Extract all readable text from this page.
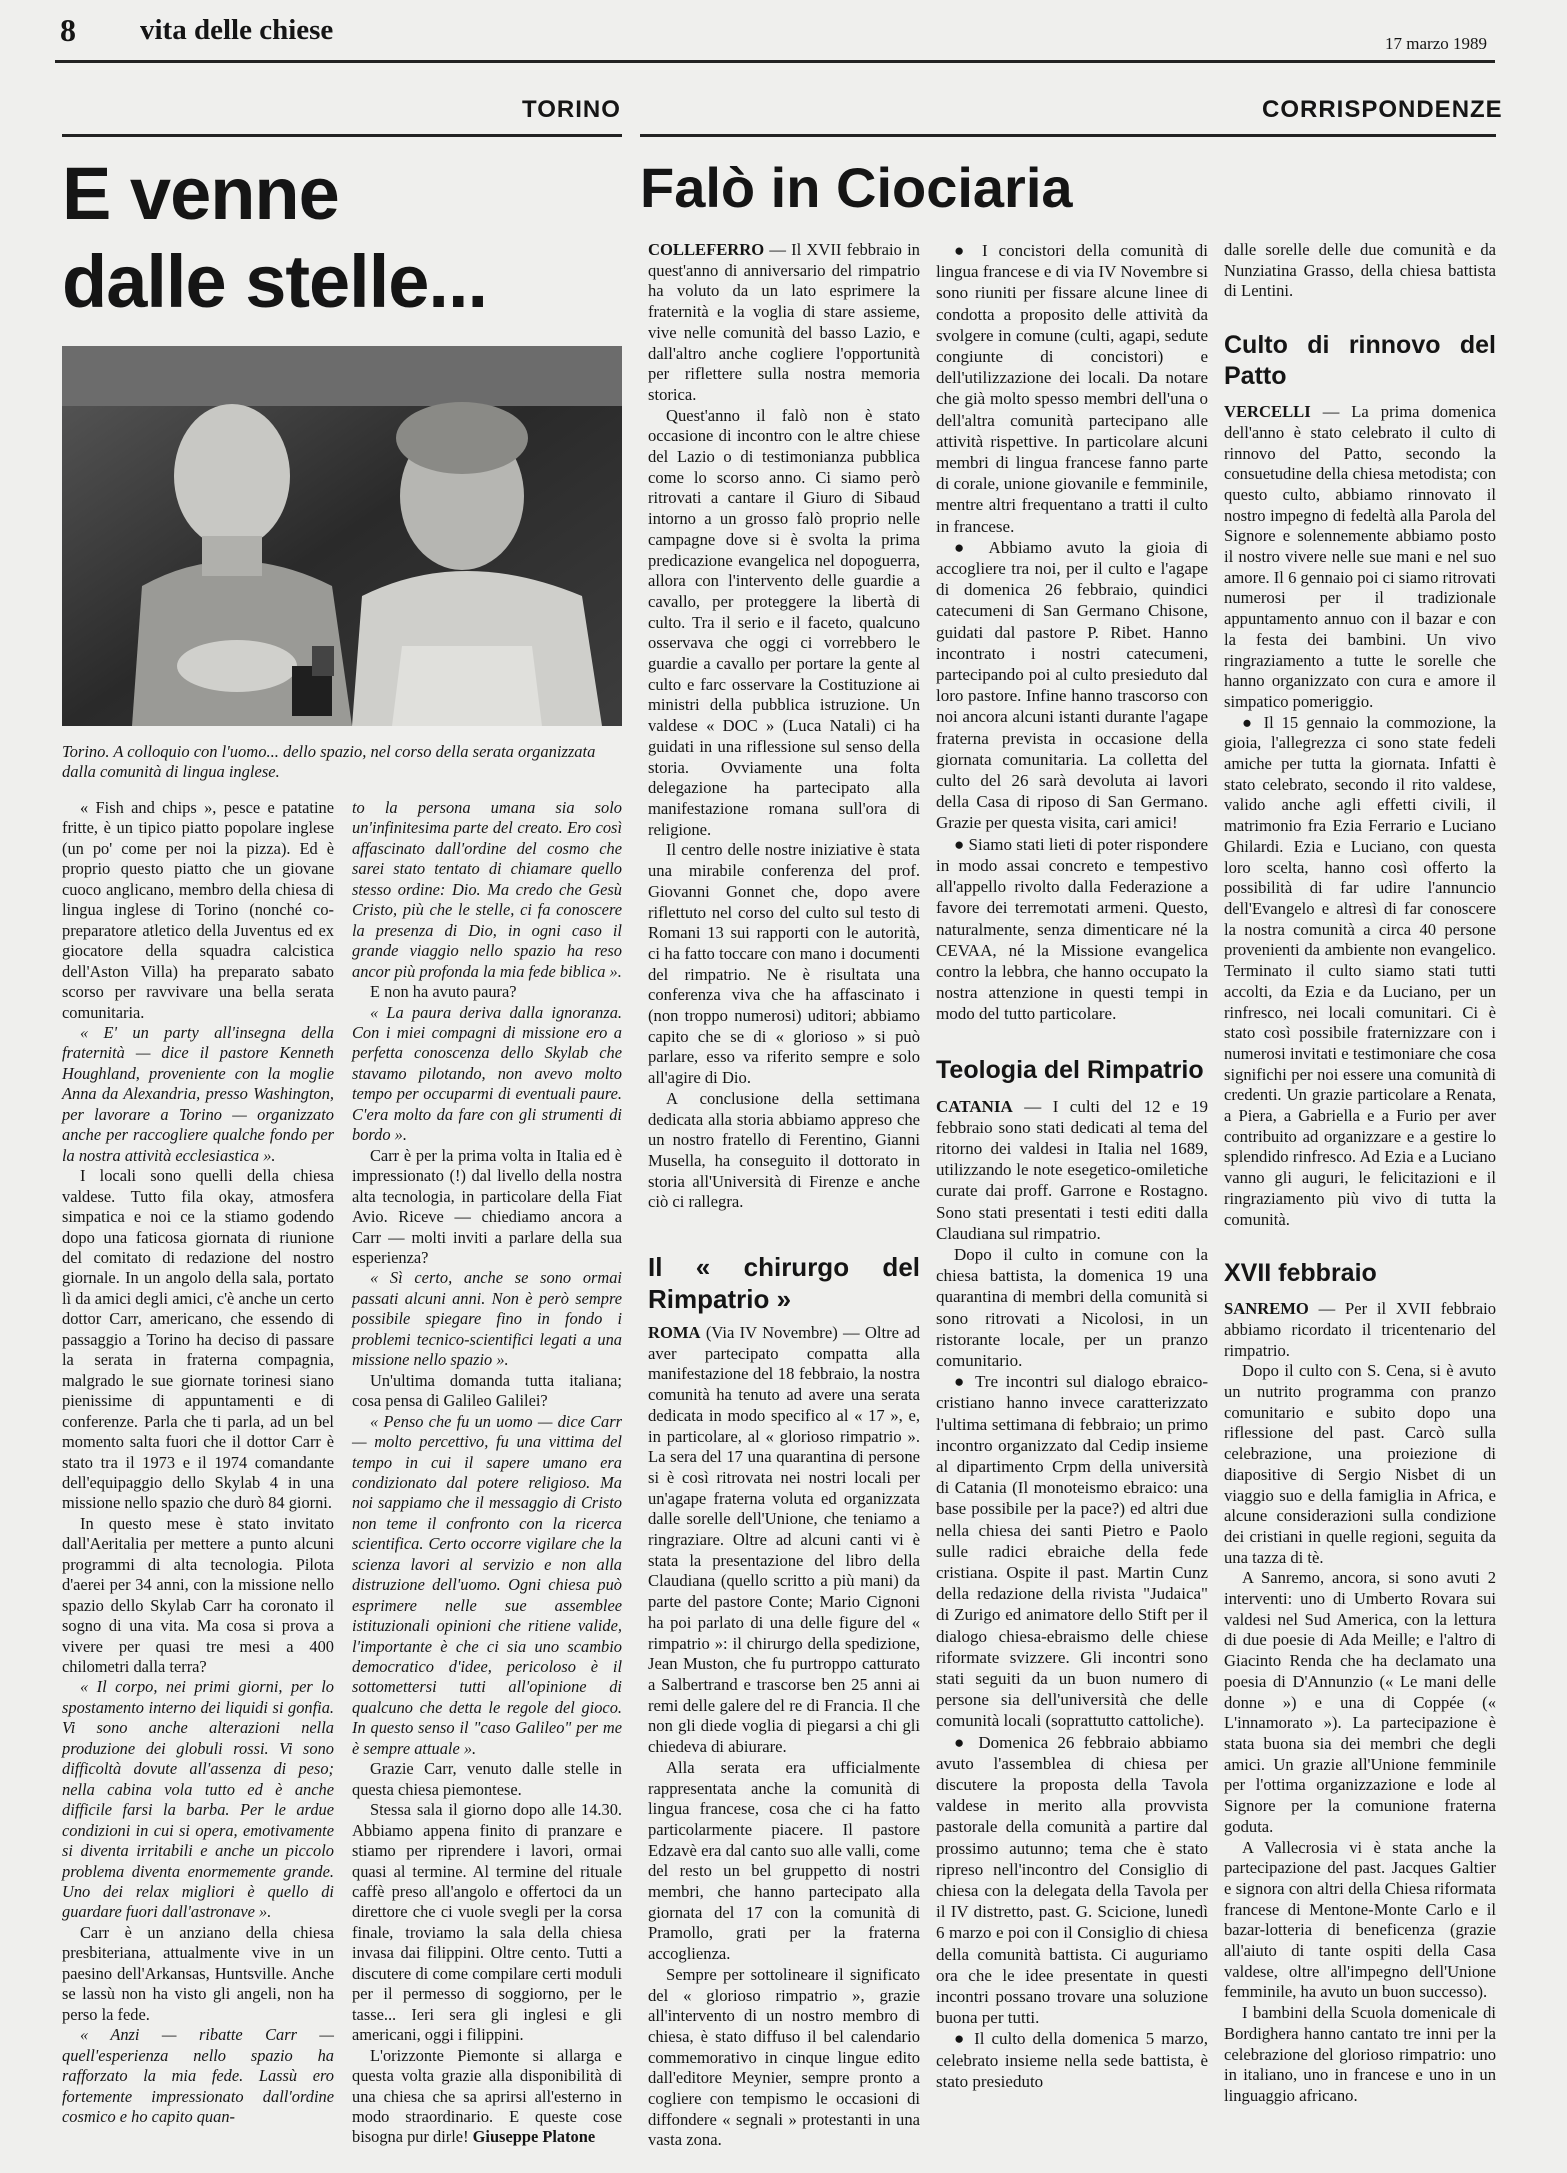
8 vita delle chiese	17 marzo 1989
TORINO	CORRISPONDENZE
E venne
dalle stelle...
Torino. A colloquio con l'uomo... dello spazio, nel corso della serata organizzata dalla comunità di lingua inglese.

« Fish and chips », pesce e patatine fritte, è un tipico piatto popolare inglese (un po' come per noi la pizza). Ed è proprio questo piatto che un giovane cuoco anglicano, membro della chiesa di lingua inglese di Torino (nonché co-preparatore atletico della Juventus ed ex giocatore della squadra calcistica dell'Aston Villa) ha preparato sabato scorso per ravvivare una bella serata comunitaria.

« E' un party all'insegna della fraternità — dice il pastore Kenneth Houghland, proveniente con la moglie Anna da Alexandria, presso Washington, per lavorare a Torino — organizzato anche per raccogliere qualche fondo per la nostra attività ecclesiastica ».

I locali sono quelli della chiesa valdese. Tutto fila okay, atmosfera simpatica e noi ce la stiamo godendo dopo una faticosa giornata di riunione del comitato di redazione del nostro giornale. In un angolo della sala, portato lì da amici degli amici, c'è anche un certo dottor Carr, americano, che essendo di passaggio a Torino ha deciso di passare la serata in fraterna compagnia, malgrado le sue giornate torinesi siano pienissime di appuntamenti e di conferenze. Parla che ti parla, ad un bel momento salta fuori che il dottor Carr è stato tra il 1973 e il 1974 comandante dell'equipaggio dello Skylab 4 in una missione nello spazio che durò 84 giorni.

In questo mese è stato invitato dall'Aeritalia per mettere a punto alcuni programmi di alta tecnologia. Pilota d'aerei per 34 anni, con la missione nello spazio dello Skylab Carr ha coronato il sogno di una vita. Ma cosa si prova a vivere per quasi tre mesi a 400 chilometri dalla terra?

« Il corpo, nei primi giorni, per lo spostamento interno dei liquidi si gonfia. Vi sono anche alterazioni nella produzione dei globuli rossi. Vi sono difficoltà dovute all'assenza di peso; nella cabina vola tutto ed è anche difficile farsi la barba. Per le ardue condizioni in cui si opera, emotivamente si diventa irritabili e anche un piccolo problema diventa enormemente grande. Uno dei relax migliori è quello di guardare fuori dall'astronave ».

Carr è un anziano della chiesa presbiteriana, attualmente vive in un paesino dell'Arkansas, Huntsville. Anche se lassù non ha visto gli angeli, non ha perso la fede.

« Anzi — ribatte Carr — quell'esperienza nello spazio ha rafforzato la mia fede. Lassù ero fortemente impressionato dall'ordine cosmico e ho capito quan-

to la persona umana sia solo un'infinitesima parte del creato. Ero così affascinato dall'ordine del cosmo che sarei stato tentato di chiamare quello stesso ordine: Dio. Ma credo che Gesù Cristo, più che le stelle, ci fa conoscere la presenza di Dio, in ogni caso il grande viaggio nello spazio ha reso ancor più profonda la mia fede biblica ».

E non ha avuto paura?

« La paura deriva dalla ignoranza. Con i miei compagni di missione ero a perfetta conoscenza dello Skylab che stavamo pilotando, non avevo molto tempo per occuparmi di eventuali paure. C'era molto da fare con gli strumenti di bordo ».

Carr è per la prima volta in Italia ed è impressionato (!) dal livello della nostra alta tecnologia, in particolare della Fiat Avio. Riceve — chiediamo ancora a Carr — molti inviti a parlare della sua esperienza?

« Sì certo, anche se sono ormai passati alcuni anni. Non è però sempre possibile spiegare fino in fondo i problemi tecnico-scientifici legati a una missione nello spazio ».

Un'ultima domanda tutta italiana; cosa pensa di Galileo Galilei?

« Penso che fu un uomo — dice Carr — molto percettivo, fu una vittima del tempo in cui il sapere umano era condizionato dal potere religioso. Ma noi sappiamo che il messaggio di Cristo non teme il confronto con la ricerca scientifica. Certo occorre vigilare che la scienza lavori al servizio e non alla distruzione dell'uomo. Ogni chiesa può esprimere nelle sue assemblee istituzionali opinioni che ritiene valide, l'importante è che ci sia uno scambio democratico d'idee, pericoloso è il sottomettersi tutti all'opinione di qualcuno che detta le regole del gioco. In questo senso il "caso Galileo" per me è sempre attuale ».

Grazie Carr, venuto dalle stelle in questa chiesa piemontese.

Stessa sala il giorno dopo alle 14.30. Abbiamo appena finito di pranzare e stiamo per riprendere i lavori, ormai quasi al termine. Al termine del rituale caffè preso all'angolo e offertoci da un direttore che ci vuole svegli per la corsa finale, troviamo la sala della chiesa invasa dai filippini. Oltre cento. Tutti a discutere di come compilare certi moduli per il permesso di soggiorno, per le tasse... Ieri sera gli inglesi e gli americani, oggi i filippini.

L'orizzonte Piemonte si allarga e questa volta grazie alla disponibilità di una chiesa che sa aprirsi all'esterno in modo straordinario. E queste cose bisogna pur dirle! Giuseppe Platone

Falò in Ciociaria

COLLEFERRO — Il XVII febbraio in quest'anno di anniversario del rimpatrio ha voluto da un lato esprimere la fraternità e la voglia di stare assieme, vive nelle comunità del basso Lazio, e dall'altro anche cogliere l'opportunità per riflettere sulla nostra memoria storica.

Quest'anno il falò non è stato occasione di incontro con le altre chiese del Lazio o di testimonianza pubblica come lo scorso anno. Ci siamo però ritrovati a cantare il Giuro di Sibaud intorno a un grosso falò proprio nelle campagne dove si è svolta la prima predicazione evangelica nel dopoguerra, allora con l'intervento delle guardie a cavallo, per proteggere la libertà di culto. Tra il serio e il faceto, qualcuno osservava che oggi ci vorrebbero le guardie a cavallo per portare la gente al culto e farc osservare la Costituzione ai ministri della pubblica istruzione. Un valdese « DOC » (Luca Natali) ci ha guidati in una riflessione sul senso della storia. Ovviamente una folta delegazione ha partecipato alla manifestazione romana sull'ora di religione.

Il centro delle nostre iniziative è stata una mirabile conferenza del prof. Giovanni Gonnet che, dopo avere riflettuto nel corso del culto sul testo di Romani 13 sui rapporti con le autorità, ci ha fatto toccare con mano i documenti del rimpatrio. Ne è risultata una conferenza viva che ha affascinato i (non troppo numerosi) uditori; abbiamo capito che se di « glorioso » si può parlare, esso va riferito sempre e solo all'agire di Dio.

A conclusione della settimana dedicata alla storia abbiamo appreso che un nostro fratello di Ferentino, Gianni Musella, ha conseguito il dottorato in storia all'Università di Firenze e anche ciò ci rallegra.

Il « chirurgo del Rimpatrio »

ROMA (Via IV Novembre) — Oltre ad aver partecipato compatta alla manifestazione del 18 febbraio, la nostra comunità ha tenuto ad avere una serata dedicata in modo specifico al « 17 », e, in particolare, al « glorioso rimpatrio ». La sera del 17 una quarantina di persone si è così ritrovata nei nostri locali per un'agape fraterna voluta ed organizzata dalle sorelle dell'Unione, che teniamo a ringraziare. Oltre ad alcuni canti vi è stata la presentazione del libro della Claudiana (quello scritto a più mani) da parte del pastore Conte; Mario Cignoni ha poi parlato di una delle figure del « rimpatrio »: il chirurgo della spedizione, Jean Muston, che fu purtroppo catturato a Salbertrand e trascorse ben 25 anni ai remi delle galere del re di Francia. Il che non gli diede voglia di piegarsi a chi gli chiedeva di abiurare.

Alla serata era ufficialmente rappresentata anche la comunità di lingua francese, cosa che ci ha fatto particolarmente piacere. Il pastore Edzavè era dal canto suo alle valli, come del resto un bel gruppetto di nostri membri, che hanno partecipato alla giornata del 17 con la comunità di Pramollo, grati per la fraterna accoglienza.

Sempre per sottolineare il significato del « glorioso rimpatrio », grazie all'intervento di un nostro membro di chiesa, è stato diffuso il bel calendario commemorativo in cinque lingue edito dall'editore Meynier, sempre pronto a cogliere con tempismo le occasioni di diffondere « segnali » protestanti in una vasta zona.

● I concistori della comunità di lingua francese e di via IV Novembre si sono riuniti per fissare alcune linee di condotta a proposito delle attività da svolgere in comune (culti, agapi, sedute congiunte di concistori) e dell'utilizzazione dei locali. Da notare che già molto spesso membri dell'una o dell'altra comunità partecipano alle attività rispettive. In particolare alcuni membri di lingua francese fanno parte di corale, unione giovanile e femminile, mentre altri frequentano a tratti il culto in francese.

● Abbiamo avuto la gioia di accogliere tra noi, per il culto e l'agape di domenica 26 febbraio, quindici catecumeni di San Germano Chisone, guidati dal pastore P. Ribet. Hanno incontrato i nostri catecumeni, partecipando poi al culto presieduto dal loro pastore. Infine hanno trascorso con noi ancora alcuni istanti durante l'agape fraterna prevista in occasione della giornata comunitaria. La colletta del culto del 26 sarà devoluta ai lavori della Casa di riposo di San Germano. Grazie per questa visita, cari amici!

● Siamo stati lieti di poter rispondere in modo assai concreto e tempestivo all'appello rivolto dalla Federazione a favore dei terremotati armeni. Questo, naturalmente, senza dimenticare né la CEVAA, né la Missione evangelica contro la lebbra, che hanno occupato la nostra attenzione in questi tempi in modo del tutto particolare.

Teologia del Rimpatrio

CATANIA — I culti del 12 e 19 febbraio sono stati dedicati al tema del ritorno dei valdesi in Italia nel 1689, utilizzando le note esegetico-omiletiche curate dai proff. Garrone e Rostagno. Sono stati presentati i testi editi dalla Claudiana sul rimpatrio.

Dopo il culto in comune con la chiesa battista, la domenica 19 una quarantina di membri della comunità si sono ritrovati a Nicolosi, in un ristorante locale, per un pranzo comunitario.

● Tre incontri sul dialogo ebraico-cristiano hanno invece caratterizzato l'ultima settimana di febbraio; un primo incontro organizzato dal Cedip insieme al dipartimento Crpm della università di Catania (Il monoteismo ebraico: una base possibile per la pace?) ed altri due nella chiesa dei santi Pietro e Paolo sulle radici ebraiche della fede cristiana. Ospite il past. Martin Cunz della redazione della rivista "Judaica" di Zurigo ed animatore dello Stift per il dialogo chiesa-ebraismo delle chiese riformate svizzere. Gli incontri sono stati seguiti da un buon numero di persone sia dell'università che delle comunità locali (soprattutto cattoliche).

● Domenica 26 febbraio abbiamo avuto l'assemblea di chiesa per discutere la proposta della Tavola valdese in merito alla provvista pastorale della comunità a partire dal prossimo autunno; tema che è stato ripreso nell'incontro del Consiglio di chiesa con la delegata della Tavola per il IV distretto, past. G. Scicione, lunedì 6 marzo e poi con il Consiglio di chiesa della comunità battista. Ci auguriamo ora che le idee presentate in questi incontri possano trovare una soluzione buona per tutti.

● Il culto della domenica 5 marzo, celebrato insieme nella sede battista, è stato presieduto

dalle sorelle delle due comunità e da Nunziatina Grasso, della chiesa battista di Lentini.

Culto di rinnovo del Patto

VERCELLI — La prima domenica dell'anno è stato celebrato il culto di rinnovo del Patto, secondo la consuetudine della chiesa metodista; con questo culto, abbiamo rinnovato il nostro impegno di fedeltà alla Parola del Signore e solennemente abbiamo posto il nostro vivere nelle sue mani e nel suo amore. Il 6 gennaio poi ci siamo ritrovati numerosi per il tradizionale appuntamento annuo con il bazar e con la festa dei bambini. Un vivo ringraziamento a tutte le sorelle che hanno organizzato con cura e amore il simpatico pomeriggio.

● Il 15 gennaio la commozione, la gioia, l'allegrezza ci sono state fedeli amiche per tutta la giornata. Infatti è stato celebrato, secondo il rito valdese, valido anche agli effetti civili, il matrimonio fra Ezia Ferrario e Luciano Ghilardi. Ezia e Luciano, con questa loro scelta, hanno così offerto la possibilità di far udire l'annuncio dell'Evangelo e altresì di far conoscere la nostra comunità a circa 40 persone provenienti da ambiente non evangelico. Terminato il culto siamo stati tutti accolti, da Ezia e da Luciano, per un rinfresco, nei locali comunitari. Ci è stato così possibile fraternizzare con i numerosi invitati e testimoniare che cosa significhi per noi essere una comunità di credenti. Un grazie particolare a Renata, a Piera, a Gabriella e a Furio per aver contribuito ad organizzare e a gestire lo splendido rinfresco. Ad Ezia e a Luciano vanno gli auguri, le felicitazioni e il ringraziamento più vivo di tutta la comunità.

XVII febbraio

SANREMO — Per il XVII febbraio abbiamo ricordato il tricentenario del rimpatrio.

Dopo il culto con S. Cena, si è avuto un nutrito programma con pranzo comunitario e subito dopo una riflessione del past. Carcò sulla celebrazione, una proiezione di diapositive di Sergio Nisbet di un viaggio suo e della famiglia in Africa, e alcune considerazioni sulla condizione dei cristiani in quelle regioni, seguita da una tazza di tè.

A Sanremo, ancora, si sono avuti 2 interventi: uno di Umberto Rovara sui valdesi nel Sud America, con la lettura di due poesie di Ada Meille; e l'altro di Giacinto Renda che ha declamato una poesia di D'Annunzio (« Le mani delle donne ») e una di Coppée (« L'innamorato »). La partecipazione è stata buona sia dei membri che degli amici. Un grazie all'Unione femminile per l'ottima organizzazione e lode al Signore per la comunione fraterna goduta.

A Vallecrosia vi è stata anche la partecipazione del past. Jacques Galtier e signora con altri della Chiesa riformata francese di Mentone-Monte Carlo e il bazar-lotteria di beneficenza (grazie all'aiuto di tante ospiti della Casa valdese, oltre all'impegno dell'Unione femminile, ha avuto un buon successo).

I bambini della Scuola domenicale di Bordighera hanno cantato tre inni per la celebrazione del glorioso rimpatrio: uno in italiano, uno in francese e uno in un linguaggio africano.
